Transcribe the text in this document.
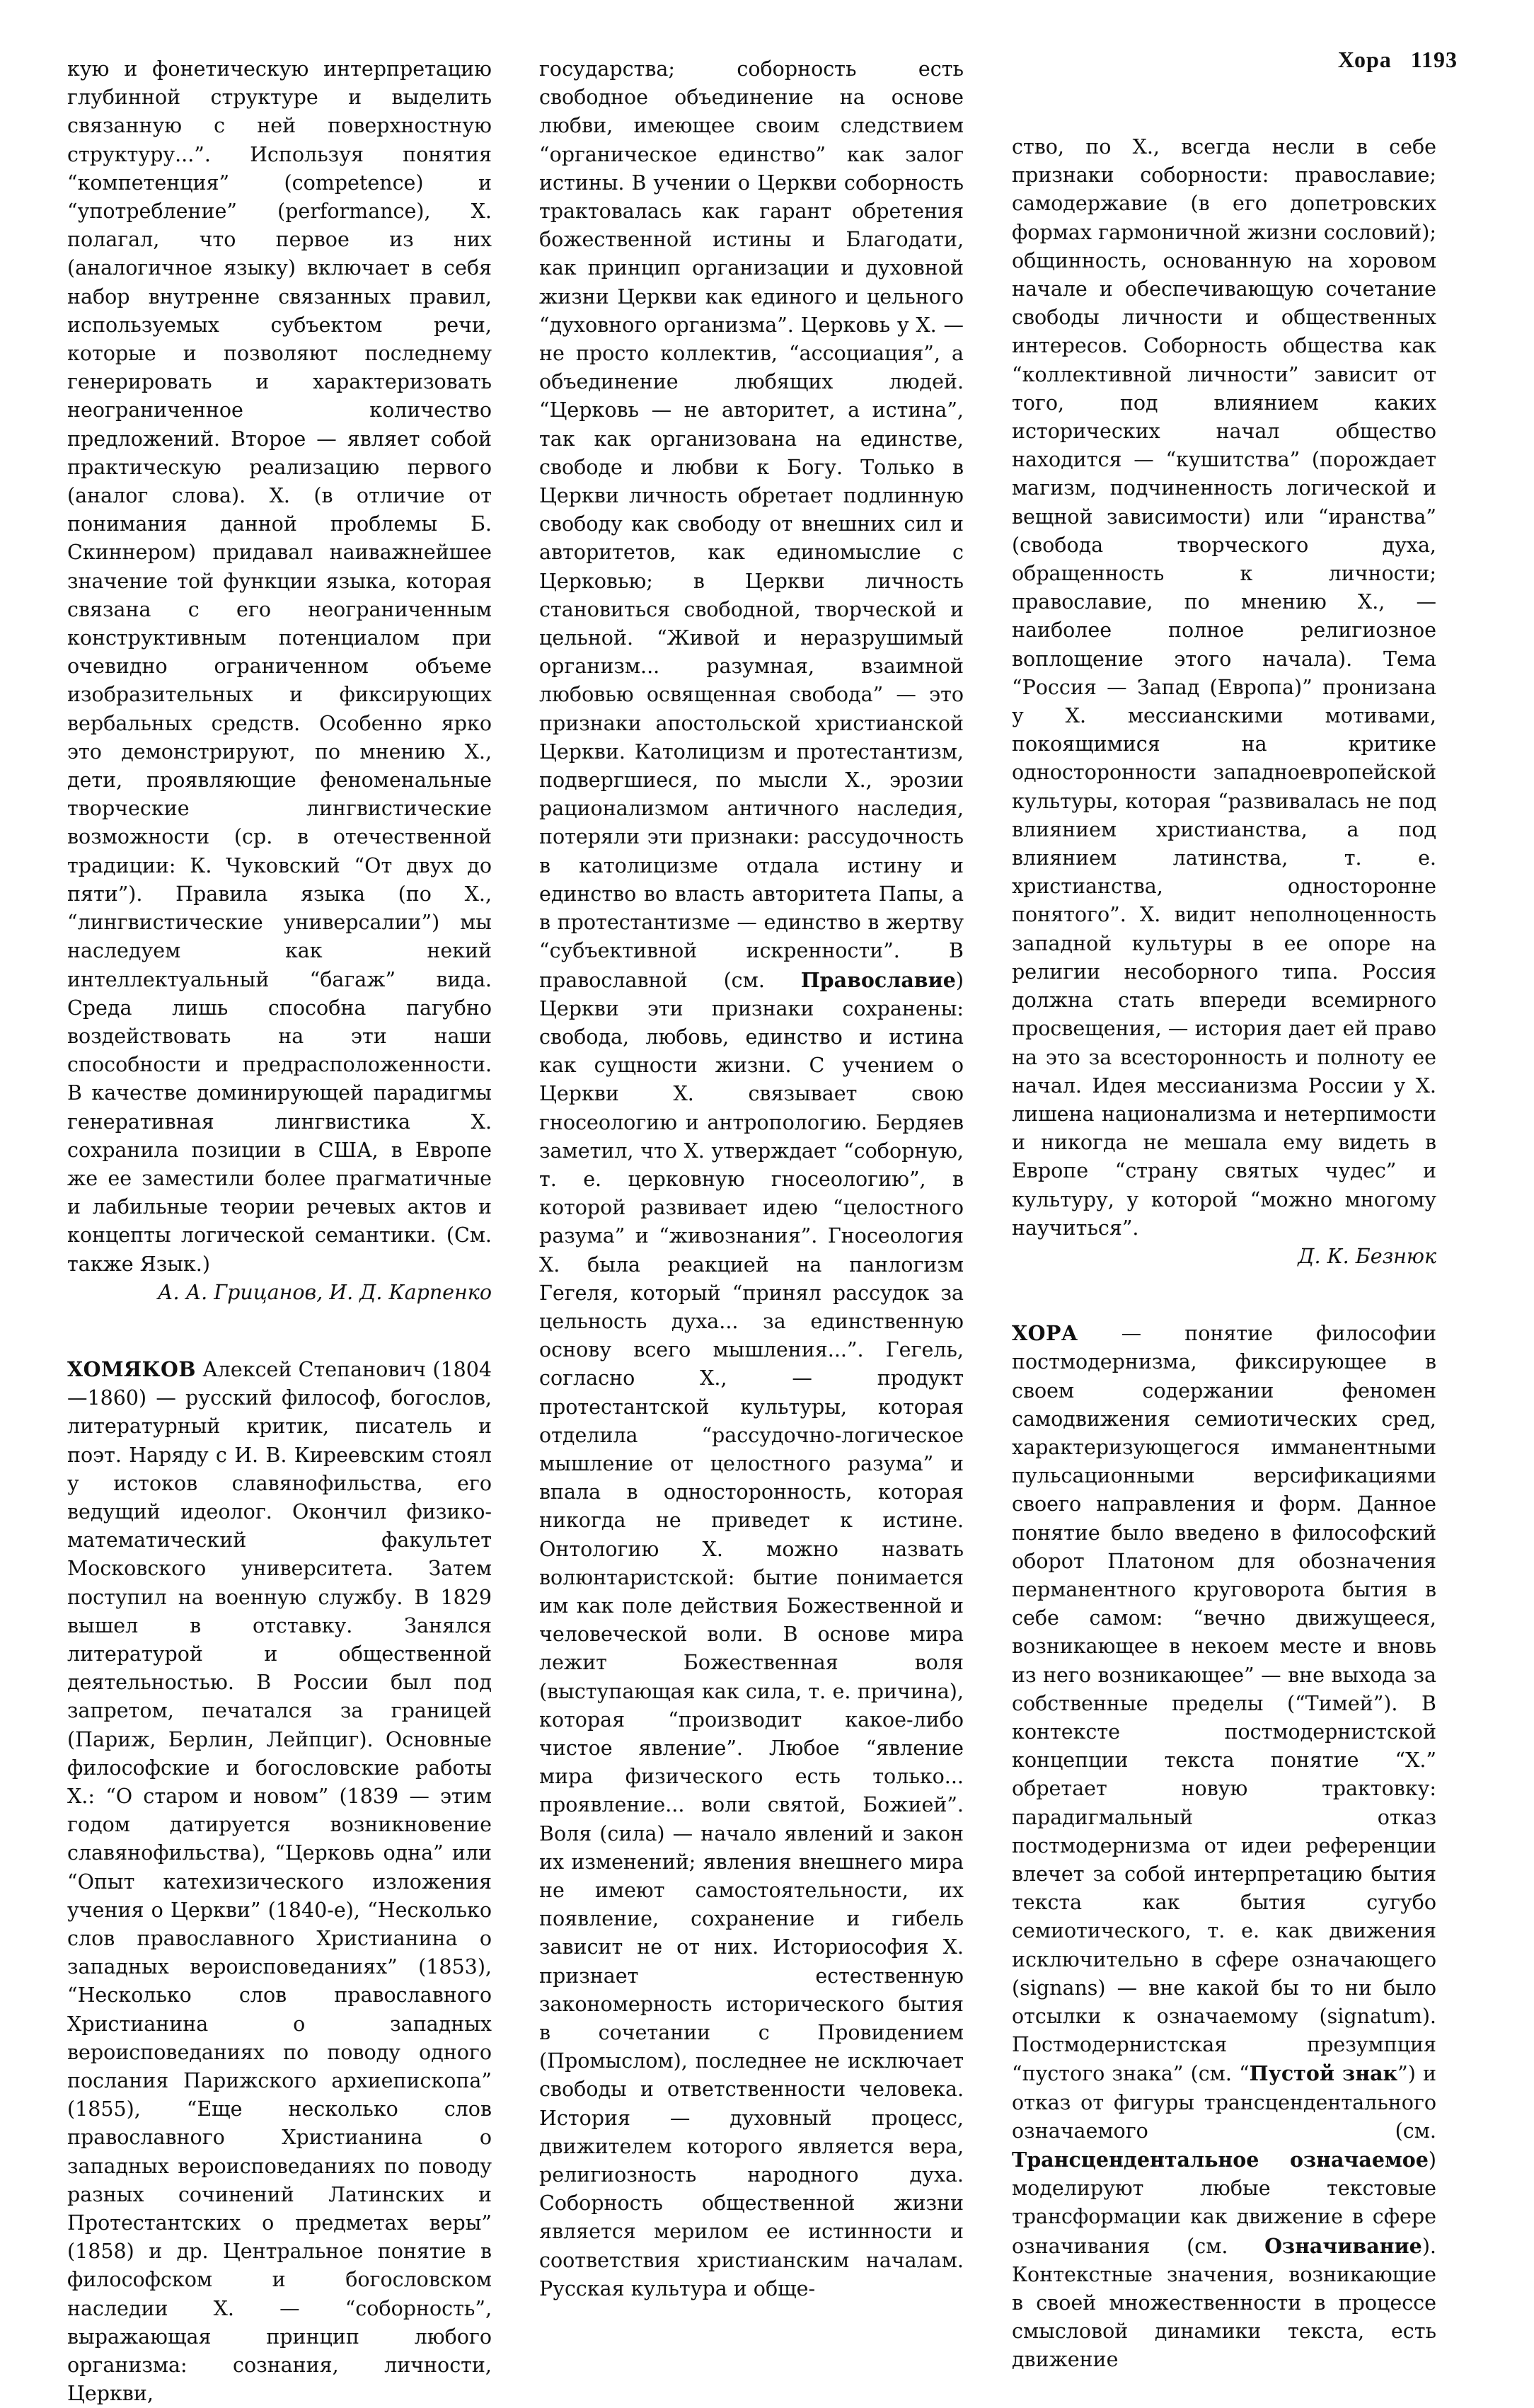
Хора 1193

кую и фонетическую интерпретацию глубинной структуре и выделить связанную с ней поверхностную структуру...”. Используя понятия “компетенция” (competence) и “употребление” (performance), X. полагал, что первое из них (аналогичное языку) включает в себя набор внутренне связанных правил, используемых субъектом речи, которые и позволяют последнему генерировать и характеризовать неограниченное количество предложений. Второе — являет собой практическую реализацию первого (аналог слова). X. (в отличие от понимания данной проблемы Б. Скиннером) придавал наиважнейшее значение той функции языка, которая связана с его неограниченным конструктивным потенциалом при очевидно ограниченном объеме изобразительных и фиксирующих вербальных средств. Особенно ярко это демонстрируют, по мнению X., дети, проявляющие феноменальные творческие лингвистические возможности (ср. в отечественной традиции: К. Чуковский “От двух до пяти”). Правила языка (по X., “лингвистические универсалии”) мы наследуем как некий интеллектуальный “багаж” вида. Среда лишь способна пагубно воздействовать на эти наши способности и предрасположенности. В качестве доминирующей парадигмы генеративная лингвистика X. сохранила позиции в США, в Европе же ее заместили более прагматичные и лабильные теории речевых актов и концепты логической семантики. (См. также Язык.)

А. А. Грицанов, И. Д. Карпенко

ХОМЯКОВ Алексей Степанович (1804—1860) — русский философ, богослов, литературный критик, писатель и поэт. Наряду с И. В. Киреевским стоял у истоков славянофильства, его ведущий идеолог. Окончил физико-математический факультет Московского университета. Затем поступил на военную службу. В 1829 вышел в отставку. Занялся литературой и общественной деятельностью. В России был под запретом, печатался за границей (Париж, Берлин, Лейпциг). Основные философские и богословские работы X.: “О старом и новом” (1839 — этим годом датируется возникновение славянофильства), “Церковь одна” или “Опыт катехизического изложения учения о Церкви” (1840-е), “Несколько слов православного Христианина о западных вероисповеданиях” (1853), “Несколько слов православного Христианина о западных вероисповеданиях по поводу одного послания Парижского архиепископа” (1855), “Еще несколько слов православного Христианина о западных вероисповеданиях по поводу разных сочинений Латинских и Протестантских о предметах веры” (1858) и др. Центральное понятие в философском и богословском наследии X. — “соборность”, выражающая принцип любого организма: сознания, личности, Церкви,

государства; соборность есть свободное объединение на основе любви, имеющее своим следствием “органическое единство” как залог истины. В учении о Церкви соборность трактовалась как гарант обретения божественной истины и Благодати, как принцип организации и духовной жизни Церкви как единого и цельного “духовного организма”. Церковь у X. — не просто коллектив, “ассоциация”, а объединение любящих людей. “Церковь — не авторитет, а истина”, так как организована на единстве, свободе и любви к Богу. Только в Церкви личность обретает подлинную свободу как свободу от внешних сил и авторитетов, как единомыслие с Церковью; в Церкви личность становиться свободной, творческой и цельной. “Живой и неразрушимый организм... разумная, взаимной любовью освященная свобода” — это признаки апостольской христианской Церкви. Католицизм и протестантизм, подвергшиеся, по мысли X., эрозии рационализмом античного наследия, потеряли эти признаки: рассудочность в католицизме отдала истину и единство во власть авторитета Папы, а в протестантизме — единство в жертву “субъективной искренности”. В православной (см. Православие) Церкви эти признаки сохранены: свобода, любовь, единство и истина как сущности жизни. С учением о Церкви X. связывает свою гносеологию и антропологию. Бердяев заметил, что X. утверждает “соборную, т. е. церковную гносеологию”, в которой развивает идею “целостного разума” и “живознания”. Гносеология X. была реакцией на панлогизм Гегеля, который “принял рассудок за цельность духа... за единственную основу всего мышления...”. Гегель, согласно X., — продукт протестантской культуры, которая отделила “рассудочно-логическое мышление от целостного разума” и впала в односторонность, которая никогда не приведет к истине. Онтологию X. можно назвать волюнтаристской: бытие понимается им как поле действия Божественной и человеческой воли. В основе мира лежит Божественная воля (выступающая как сила, т. е. причина), которая “производит какое-либо чистое явление”. Любое “явление мира физического есть только... проявление... воли святой, Божией”. Воля (сила) — начало явлений и закон их изменений; явления внешнего мира не имеют самостоятельности, их появление, сохранение и гибель зависит не от них. Историософия X. признает естественную закономерность исторического бытия в сочетании с Провидением (Промыслом), последнее не исключает свободы и ответственности человека. История — духовный процесс, движителем которого является вера, религиозность народного духа. Соборность общественной жизни является мерилом ее истинности и соответствия христианским началам. Русская культура и обще-

ство, по X., всегда несли в себе признаки соборности: православие; самодержавие (в его допетровских формах гармоничной жизни сословий); общинность, основанную на хоровом начале и обеспечивающую сочетание свободы личности и общественных интересов. Соборность общества как “коллективной личности” зависит от того, под влиянием каких исторических начал общество находится — “кушитства” (порождает магизм, подчиненность логической и вещной зависимости) или “иранства” (свобода творческого духа, обращенность к личности; православие, по мнению X., — наиболее полное религиозное воплощение этого начала). Тема “Россия — Запад (Европа)” пронизана у X. мессианскими мотивами, покоящимися на критике односторонности западноевропейской культуры, которая “развивалась не под влиянием христианства, а под влиянием латинства, т. е. христианства, односторонне понятого”. X. видит неполноценность западной культуры в ее опоре на религии несоборного типа. Россия должна стать впереди всемирного просвещения, — история дает ей право на это за всесторонность и полноту ее начал. Идея мессианизма России у X. лишена национализма и нетерпимости и никогда не мешала ему видеть в Европе “страну святых чудес” и культуру, у которой “можно многому научиться”.

Д. К. Безнюк

ХОРА — понятие философии постмодернизма, фиксирующее в своем содержании феномен самодвижения семиотических сред, характеризующегося имманентными пульсационными версификациями своего направления и форм. Данное понятие было введено в философский оборот Платоном для обозначения перманентного круговорота бытия в себе самом: “вечно движущееся, возникающее в некоем месте и вновь из него возникающее” — вне выхода за собственные пределы (“Тимей”). В контексте постмодернистской концепции текста понятие “X.” обретает новую трактовку: парадигмальный отказ постмодернизма от идеи референции влечет за собой интерпретацию бытия текста как бытия сугубо семиотического, т. е. как движения исключительно в сфере означающего (signans) — вне какой бы то ни было отсылки к означаемому (signatum). Постмодернистская презумпция “пустого знака” (см. “Пустой знак”) и отказ от фигуры трансцендентального означаемого (см. Трансцендентальное означаемое) моделируют любые текстовые трансформации как движение в сфере означивания (см. Означивание). Контекстные значения, возникающие в своей множественности в процессе смысловой динамики текста, есть движение
